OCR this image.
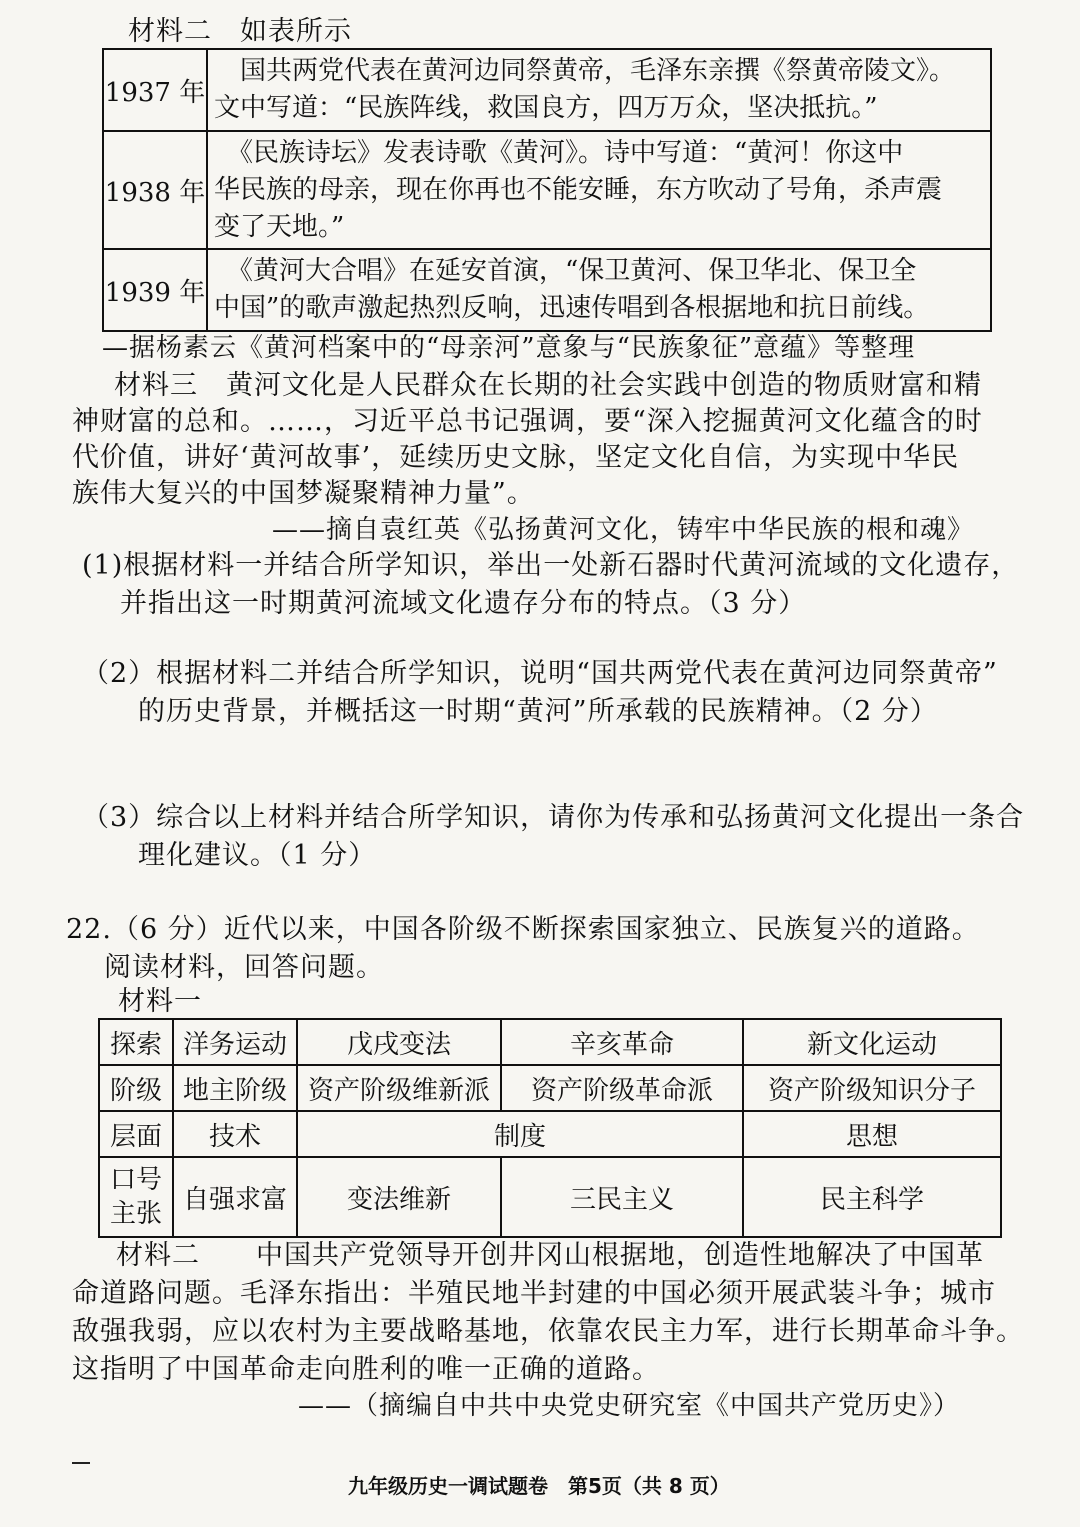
材料二　如表所示
1937 年	　国共两党代表在黄河边同祭黄帝，毛泽东亲撰《祭黄帝陵文》。
文中写道：“民族阵线，救国良方，四万万众，坚决抵抗。”

1938 年	　《民族诗坛》发表诗歌《黄河》。诗中写道：“黄河！你这中
华民族的母亲，现在你再也不能安睡，东方吹动了号角，杀声震
变了天地。”

1939 年	　《黄河大合唱》在延安首演，“保卫黄河、保卫华北、保卫全
中国”的歌声激起热烈反响，迅速传唱到各根据地和抗日前线。
—据杨素云《黄河档案中的“母亲河”意象与“民族象征”意蕴》等整理
　材料三　黄河文化是人民群众在长期的社会实践中创造的物质财富和精
神财富的总和。……，习近平总书记强调，要“深入挖掘黄河文化蕴含的时
代价值，讲好‘黄河故事’，延续历史文脉，坚定文化自信，为实现中华民
族伟大复兴的中国梦凝聚精神力量”。
——摘自袁红英《弘扬黄河文化，铸牢中华民族的根和魂》
(1)根据材料一并结合所学知识，举出一处新石器时代黄河流域的文化遗存，
并指出这一时期黄河流域文化遗存分布的特点。（3 分）
（2）根据材料二并结合所学知识，说明“国共两党代表在黄河边同祭黄帝”
的历史背景，并概括这一时期“黄河”所承载的民族精神。（2 分）
（3）综合以上材料并结合所学知识，请你为传承和弘扬黄河文化提出一条合
理化建议。（1 分）
22.（6 分）近代以来，中国各阶级不断探索国家独立、民族复兴的道路。
阅读材料，回答问题。
材料一
探索	洋务运动	戊戌变法	辛亥革命	新文化运动
阶级	地主阶级	资产阶级维新派	资产阶级革命派	资产阶级知识分子
层面	技术	制度		思想

口号
主张	自强求富	变法维新	三民主义	民主科学
　材料二　　中国共产党领导开创井冈山根据地，创造性地解决了中国革
命道路问题。毛泽东指出：半殖民地半封建的中国必须开展武装斗争；城市
敌强我弱，应以农村为主要战略基地，依靠农民主力军，进行长期革命斗争。
这指明了中国革命走向胜利的唯一正确的道路。
——（摘编自中共中央党史研究室《中国共产党历史》）
九年级历史一调试题卷　第5页（共 8 页）
